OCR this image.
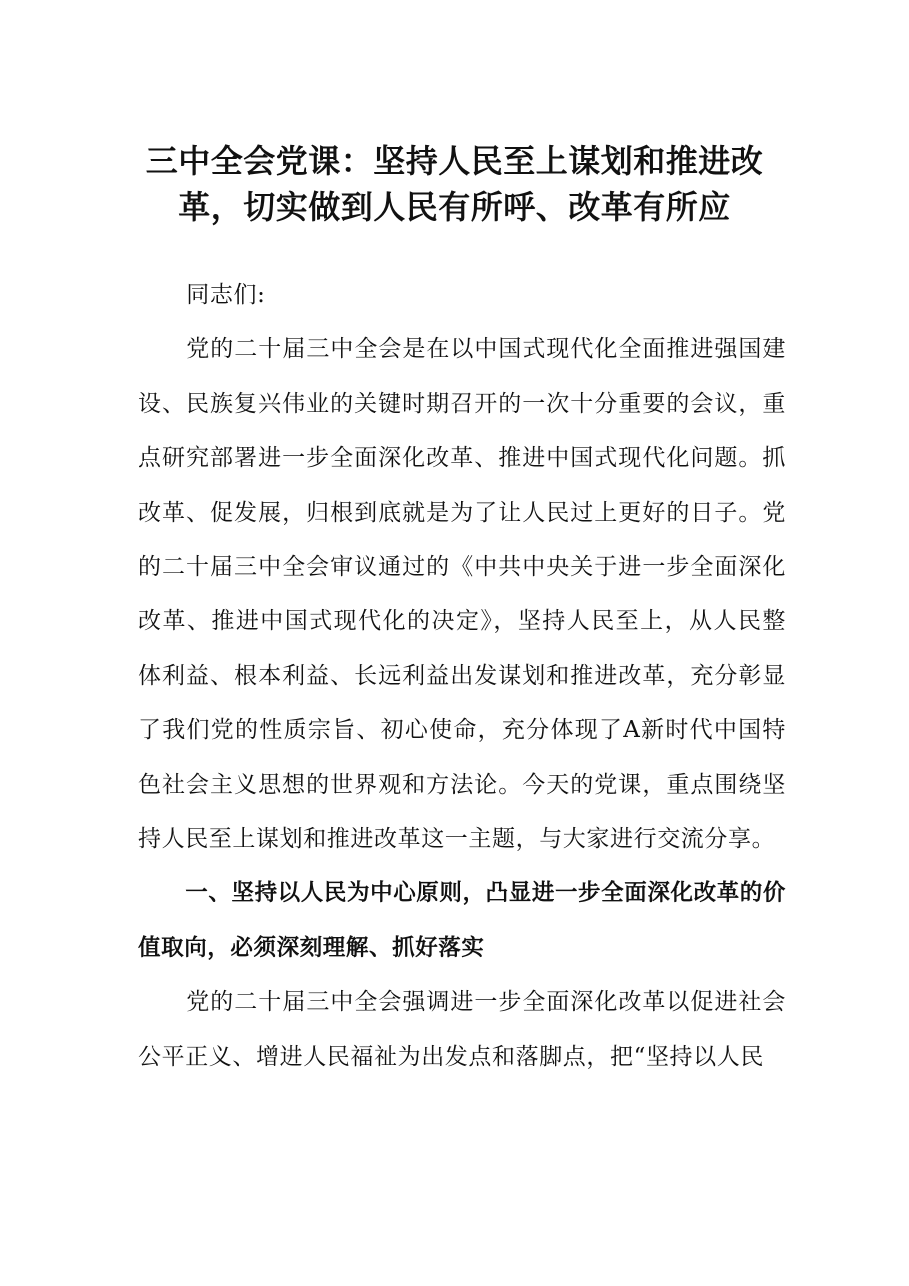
三中全会党课：坚持人民至上谋划和推进改革，切实做到人民有所呼、改革有所应

同志们:

党的二十届三中全会是在以中国式现代化全面推进强国建设、民族复兴伟业的关键时期召开的一次十分重要的会议，重点研究部署进一步全面深化改革、推进中国式现代化问题。抓改革、促发展，归根到底就是为了让人民过上更好的日子。党的二十届三中全会审议通过的《中共中央关于进一步全面深化改革、推进中国式现代化的决定》，坚持人民至上，从人民整体利益、根本利益、长远利益出发谋划和推进改革，充分彰显了我们党的性质宗旨、初心使命，充分体现了A新时代中国特色社会主义思想的世界观和方法论。今天的党课，重点围绕坚持人民至上谋划和推进改革这一主题，与大家进行交流分享。

一、坚持以人民为中心原则，凸显进一步全面深化改革的价值取向，必须深刻理解、抓好落实

党的二十届三中全会强调进一步全面深化改革以促进社会公平正义、增进人民福祉为出发点和落脚点，把“坚持以人民
